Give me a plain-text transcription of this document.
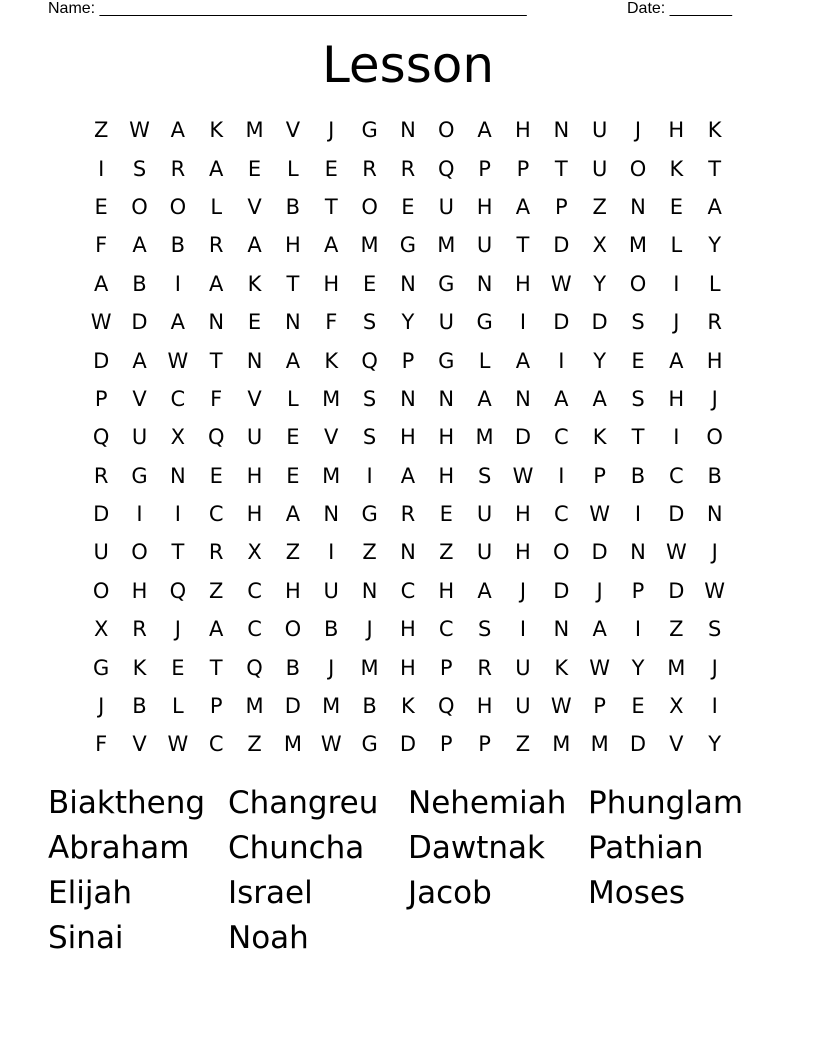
Name: ________________________________________________	Date: _______
Lesson
Z W A	K	M	V	J	G	N	O	A	H	N	U	J	H	K
I	S	R	A	E	L	E	R	R	Q	P	P	T	U	O	K	T
E	O	O	L	V	B	T	O	E	U	H	A	P	Z	N	E	A
F	A	B	R	A	H	A	M	G	M	U	T	D	X	M	L	Y
A	B	I	A	K	T	H	E	N	G	N	H W	Y	O	I	L
W D	A	N	E	N	F	S	Y	U	G	I	D	D	S	J	R
D	A W	T	N	A	K	Q	P	G	L	A	I	Y	E	A	H
P	V	C	F	V	L	M	S	N	N	A	N	A	A	S	H	J
Q	U	X	Q	U	E	V	S	H	H	M	D	C	K	T	I	O
R	G	N	E	H	E	M	I	A	H	S	W	I	P	B	C	B
D	I	I	C	H	A	N	G	R	E	U	H	C W	I	D	N
U	O	T	R	X	Z	I	Z	N	Z	U	H	O	D	N W	J
O	H	Q	Z	C	H	U	N	C	H	A	J	D	J	P	D W
X	R	J	A	C	O	B	J	H	C	S	I	N	A	I	Z	S
G	K	E	T	Q	B	J	M	H	P	R	U	K	W	Y	M	J
J	B	L	P	M	D	M	B	K	Q	H	U W	P	E	X	I
F	V W C	Z	M W G	D	P	P	Z	M M	D	V	Y
Biaktheng Changreu Nehemiah Phunglam
Abraham	Chuncha	Dawtnak	Pathian
Elijah	Israel	Jacob	Moses
Sinai	Noah
